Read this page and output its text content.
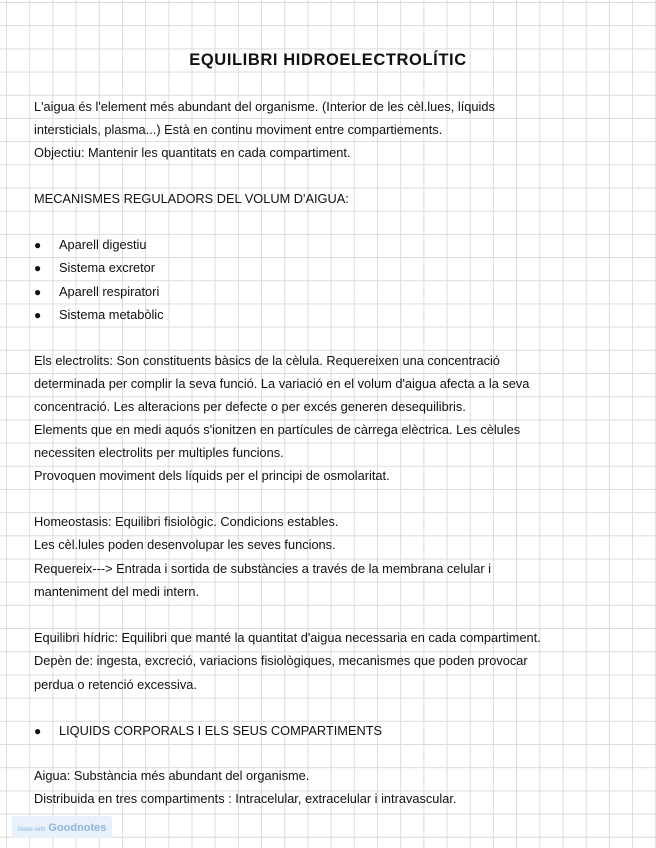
EQUILIBRI HIDROELECTROLÍTIC

L'aigua és l'element més abundant del organisme. (Interior de les cèl.lues, líquids

intersticials, plasma...) Està en continu moviment entre compartiements.

Objectiu: Mantenir les quantitats en cada compartiment.

MECANISMES REGULADORS DEL VOLUM D'AIGUA:

● Aparell digestiu

● Sistema excretor

● Aparell respiratori

● Sistema metabòlic

Els electrolits: Son constituents bàsics de la cèlula. Requereixen una concentració

determinada per complir la seva funció. La variació en el volum d'aigua afecta a la seva

concentració. Les alteracions per defecte o per excés generen desequilibris.

Elements que en medi aquós s'ionitzen en partícules de càrrega elèctrica. Les cèlules

necessiten electrolits per multiples funcions.

Provoquen moviment dels líquids per el principi de osmolaritat.

Homeostasis: Equilibri fisiològic. Condicions estables.

Les cèl.lules poden desenvolupar les seves funcions.

Requereix---> Entrada i sortida de substàncies a través de la membrana celular i

manteniment del medi intern.

Equilibri hídric: Equilibri que manté la quantitat d'aigua necessaria en cada compartiment.

Depèn de: ingesta, excreció, variacions fisiològiques, mecanismes que poden provocar

perdua o retenció excessiva.

● LIQUIDS CORPORALS I ELS SEUS COMPARTIMENTS

Aigua: Substància més abundant del organisme.

Distribuida en tres compartiments : Intracelular, extracelular i intravascular.

Made with Goodnotes
